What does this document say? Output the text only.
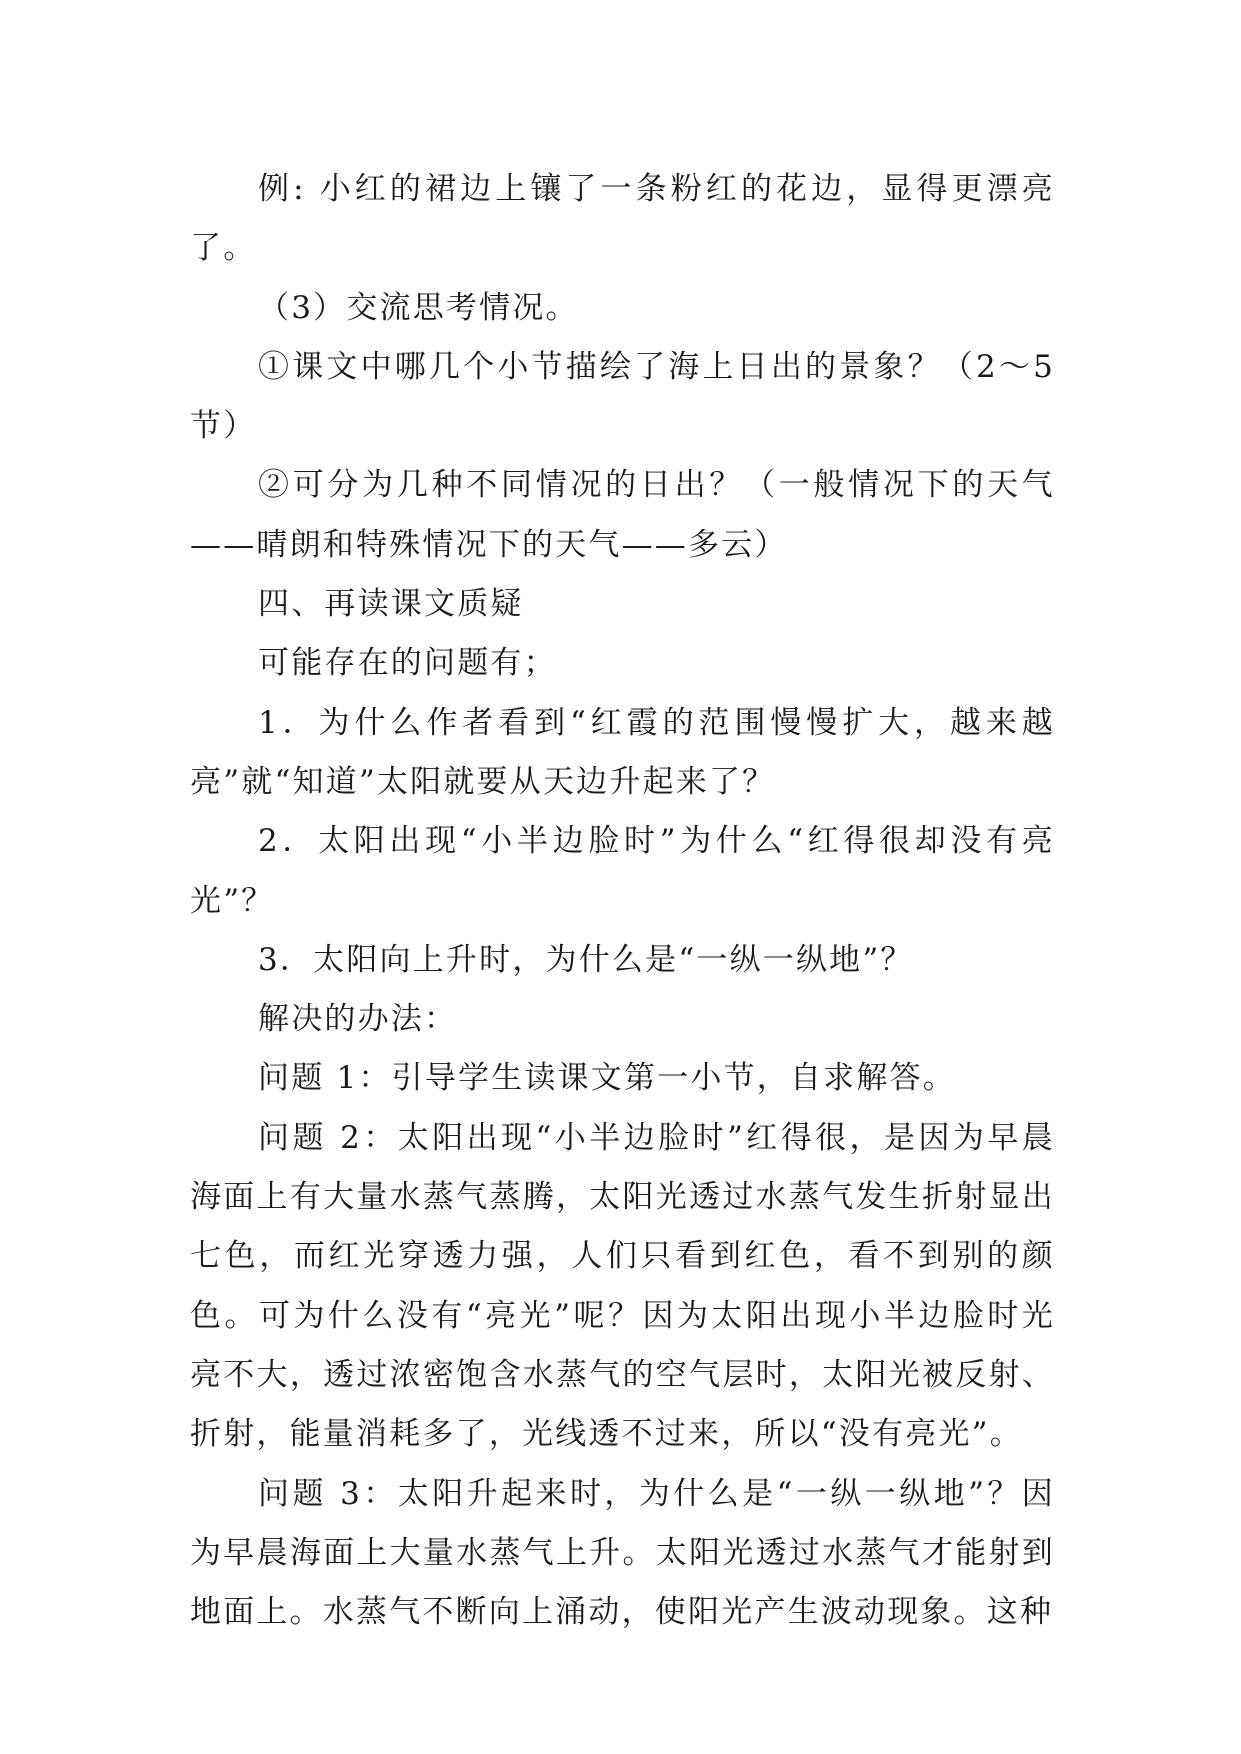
例: 小红的裙边上镶了一条粉红的花边，显得更漂亮了。

（3）交流思考情况。

①课文中哪几个小节描绘了海上日出的景象？（2～5节）

②可分为几种不同情况的日出？（一般情况下的天气——晴朗和特殊情况下的天气——多云）

四、再读课文质疑

可能存在的问题有；

1．为什么作者看到“红霞的范围慢慢扩大，越来越亮”就“知道”太阳就要从天边升起来了？

2．太阳出现“小半边脸时”为什么“红得很却没有亮光”？

3．太阳向上升时，为什么是“一纵一纵地”？

解决的办法：

问题 1：引导学生读课文第一小节，自求解答。

问题 2：太阳出现“小半边脸时”红得很，是因为早晨海面上有大量水蒸气蒸腾，太阳光透过水蒸气发生折射显出七色，而红光穿透力强，人们只看到红色，看不到别的颜色。可为什么没有“亮光”呢？因为太阳出现小半边脸时光亮不大，透过浓密饱含水蒸气的空气层时，太阳光被反射、折射，能量消耗多了，光线透不过来，所以“没有亮光”。

问题 3：太阳升起来时，为什么是“一纵一纵地”？因为早晨海面上大量水蒸气上升。太阳光透过水蒸气才能射到地面上。水蒸气不断向上涌动，使阳光产生波动现象。这种
